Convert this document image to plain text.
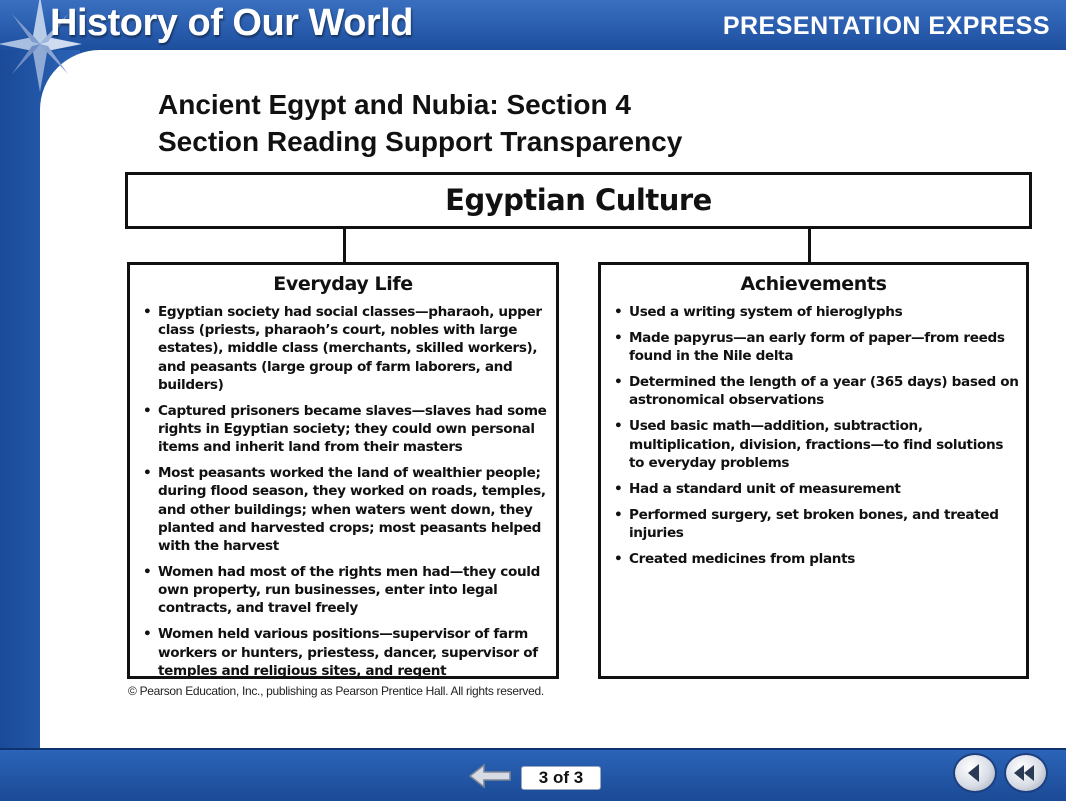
PRESENTATION EXPRESS
History of Our World
Ancient Egypt and Nubia: Section 4
Section Reading Support Transparency
Egyptian Culture
Everyday Life
• Egyptian society had social classes—pharaoh, upper class (priests, pharaoh’s court, nobles with large estates), middle class (merchants, skilled workers), and peasants (large group of farm laborers, and builders)
• Captured prisoners became slaves—slaves had some rights in Egyptian society; they could own personal items and inherit land from their masters
• Most peasants worked the land of wealthier people; during flood season, they worked on roads, temples, and other buildings; when waters went down, they planted and harvested crops; most peasants helped with the harvest
• Women had most of the rights men had—they could own property, run businesses, enter into legal contracts, and travel freely
• Women held various positions—supervisor of farm workers or hunters, priestess, dancer, supervisor of temples and religious sites, and regent
Achievements
• Used a writing system of hieroglyphs
• Made papyrus—an early form of paper—from reeds found in the Nile delta
• Determined the length of a year (365 days) based on astronomical observations
• Used basic math—addition, subtraction, multiplication, division, fractions—to find solutions to everyday problems
• Had a standard unit of measurement
• Performed surgery, set broken bones, and treated injuries
• Created medicines from plants
© Pearson Education, Inc., publishing as Pearson Prentice Hall. All rights reserved.
3 of 3
